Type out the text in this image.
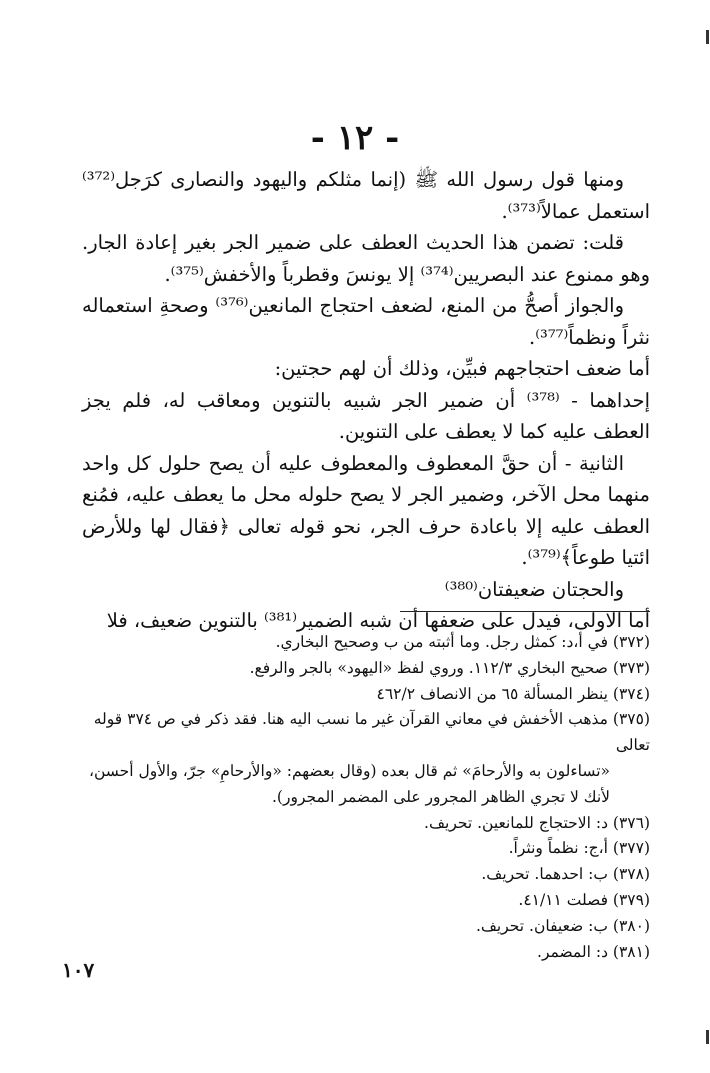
- ١٢ -

ومنها قول رسول الله ﷺ (إنما مثلكم واليهود والنصارى كرَجل⁽³⁷²⁾ استعمل عمالاً⁽³⁷³⁾.

قلت: تضمن هذا الحديث العطف على ضمير الجر بغير إعادة الجار. وهو ممنوع عند البصريين⁽³⁷⁴⁾ إلا يونسَ وقطرباً والأخفش⁽³⁷⁵⁾.

والجواز أصحُّ من المنع، لضعف احتجاج المانعين⁽³⁷⁶⁾ وصحةِ استعماله نثراً ونظماً⁽³⁷⁷⁾.

أما ضعف احتجاجهم فبيِّن، وذلك أن لهم حجتين:

إحداهما - ⁽³⁷⁸⁾ أن ضمير الجر شبيه بالتنوين ومعاقب له، فلم يجز العطف عليه كما لا يعطف على التنوين.

الثانية - أن حقَّ المعطوف والمعطوف عليه أن يصح حلول كل واحد منهما محل الآخر، وضمير الجر لا يصح حلوله محل ما يعطف عليه، فمُنع العطف عليه إلا باعادة حرف الجر، نحو قوله تعالى ﴿فقال لها وللأرض ائتيا طوعاً﴾⁽³⁷⁹⁾.

والحجتان ضعيفتان⁽³⁸⁰⁾

أما الاولى، فيدل على ضعفها أن شبه الضمير⁽³⁸¹⁾ بالتنوين ضعيف، فلا

(٣٧٢) في أ،د: كمثل رجل. وما أثبته من ب وصحيح البخاري.

(٣٧٣) صحيح البخاري ١١٢/٣. وروي لفظ «اليهود» بالجر والرفع.

(٣٧٤) ينظر المسألة ٦٥ من الانصاف ٤٦٢/٢

(٣٧٥) مذهب الأخفش في معاني القرآن غير ما نسب اليه هنا. فقد ذكر في ص ٣٧٤ قوله تعالى

«تساءلون به والأرحامَ» ثم قال بعده (وقال بعضهم: «والأرحامِ» جرّ، والأول أحسن،

لأنك لا تجري الظاهر المجرور على المضمر المجرور).

(٣٧٦) د: الاحتجاج للمانعين. تحريف.

(٣٧٧) أ،ج: نظماً ونثراً.

(٣٧٨) ب: احدهما. تحريف.

(٣٧٩) فصلت ٤١/١١.

(٣٨٠) ب: ضعيفان. تحريف.

(٣٨١) د: المضمر.

١٠٧
